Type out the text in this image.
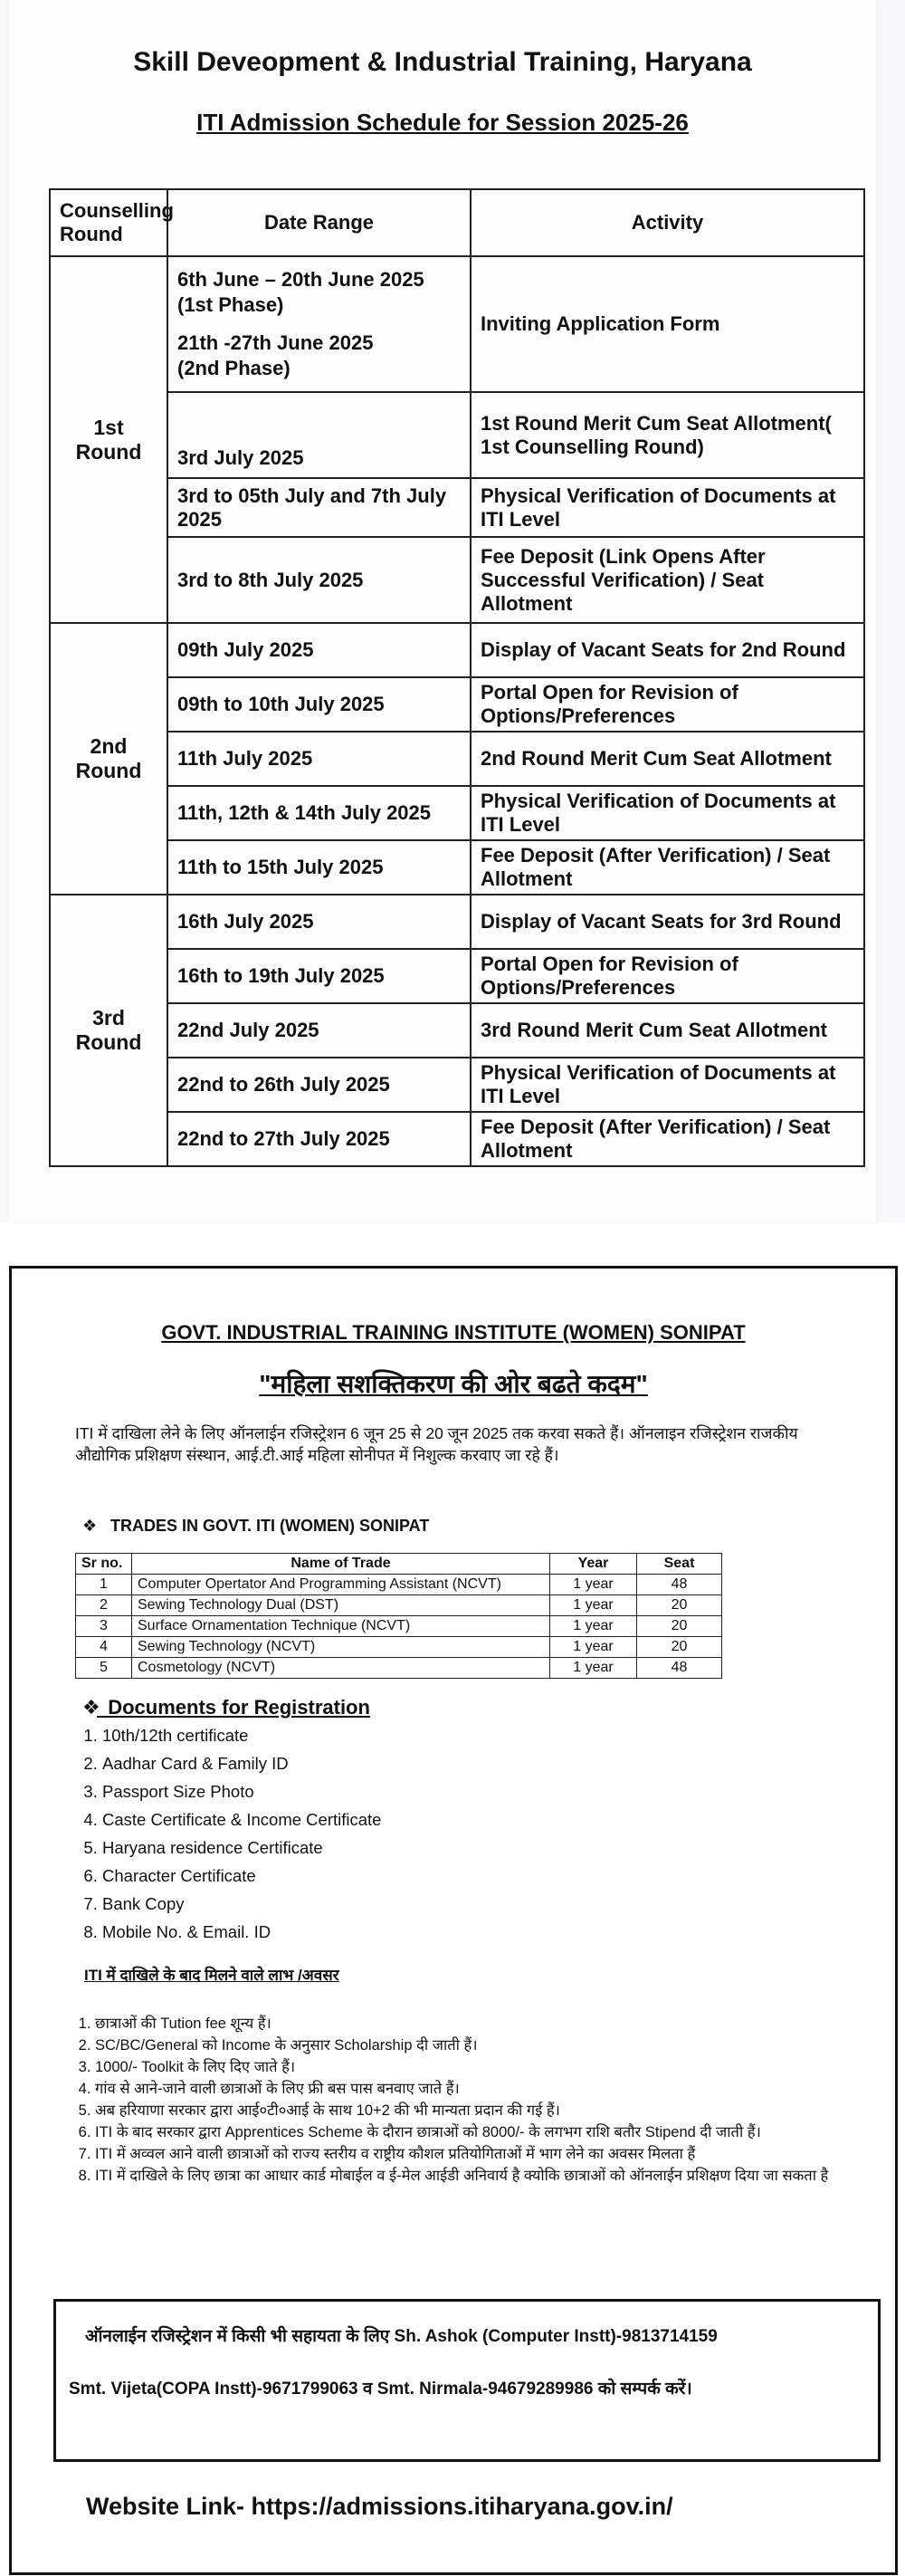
Skill Deveopment & Industrial Training, Haryana
ITI Admission Schedule for Session 2025-26
Counselling Round	Date Range	Activity
1st Round	6th June – 20th June 2025
(1st Phase)
21th -27th June 2025
(2nd Phase)	Inviting Application Form
	3rd July 2025	1st Round Merit Cum Seat Allotment( 1st Counselling Round)
	3rd to 05th July and 7th July 2025	Physical Verification of Documents at ITI Level
	3rd to 8th July 2025	Fee Deposit (Link Opens After Successful Verification) / Seat Allotment
2nd Round	09th July 2025	Display of Vacant Seats for 2nd Round
	09th to 10th July 2025	Portal Open for Revision of Options/Preferences
	11th July 2025	2nd Round Merit Cum Seat Allotment
	11th, 12th & 14th July 2025	Physical Verification of Documents at ITI Level
	11th to 15th July 2025	Fee Deposit (After Verification) / Seat Allotment
3rd Round	16th July 2025	Display of Vacant Seats for 3rd Round
	16th to 19th July 2025	Portal Open for Revision of Options/Preferences
	22nd July 2025	3rd Round Merit Cum Seat Allotment
	22nd to 26th July 2025	Physical Verification of Documents at ITI Level
	22nd to 27th July 2025	Fee Deposit (After Verification) / Seat Allotment
GOVT. INDUSTRIAL TRAINING INSTITUTE (WOMEN) SONIPAT
"महिला सशक्तिकरण की ओर बढते कदम"
ITI में दाखिला लेने के लिए ऑनलाईन रजिस्ट्रेशन 6 जून 25 से 20 जून 2025 तक करवा सकते हैं। ऑनलाइन रजिस्ट्रेशन राजकीय औद्योगिक प्रशिक्षण संस्थान, आई.टी.आई महिला सोनीपत में निशुल्क करवाए जा रहे हैं।
❖ TRADES IN GOVT. ITI (WOMEN) SONIPAT
Sr no.	Name of Trade	Year	Seat
1	Computer Opertator And Programming Assistant (NCVT)	1 year	48
2	Sewing Technology Dual (DST)	1 year	20
3	Surface Ornamentation Technique (NCVT)	1 year	20
4	Sewing Technology (NCVT)	1 year	20
5	Cosmetology (NCVT)	1 year	48
❖ Documents for Registration
1. 10th/12th certificate
2. Aadhar Card & Family ID
3. Passport Size Photo
4. Caste Certificate & Income Certificate
5. Haryana residence Certificate
6. Character Certificate
7. Bank Copy
8. Mobile No. & Email. ID
ITI में दाखिले के बाद मिलने वाले लाभ /अवसर
1. छात्राओं की Tution fee शून्य हैं।
2. SC/BC/General को Income के अनुसार Scholarship दी जाती हैं।
3. 1000/- Toolkit के लिए दिए जाते हैं।
4. गांव से आने-जाने वाली छात्राओं के लिए फ्री बस पास बनवाए जाते हैं।
5. अब हरियाणा सरकार द्वारा आई०टी०आई के साथ 10+2 की भी मान्यता प्रदान की गई हैं।
6. ITI के बाद सरकार द्वारा Apprentices Scheme के दौरान छात्राओं को 8000/- के लगभग राशि बतौर Stipend दी जाती हैं।
7. ITI में अव्वल आने वाली छात्राओं को राज्य स्तरीय व राष्ट्रीय कौशल प्रतियोगिताओं में भाग लेने का अवसर मिलता हैं
8. ITI में दाखिले के लिए छात्रा का आधार कार्ड मोबाईल व ई-मेल आईडी अनिवार्य है क्योकि छात्राओं को ऑनलाईन प्रशिक्षण दिया जा सकता है
ऑनलाईन रजिस्ट्रेशन में किसी भी सहायता के लिए Sh. Ashok (Computer Instt)-9813714159
Smt. Vijeta(COPA Instt)-9671799063 व Smt. Nirmala-94679289986 को सम्पर्क करें।
Website Link- https://admissions.itiharyana.gov.in/
